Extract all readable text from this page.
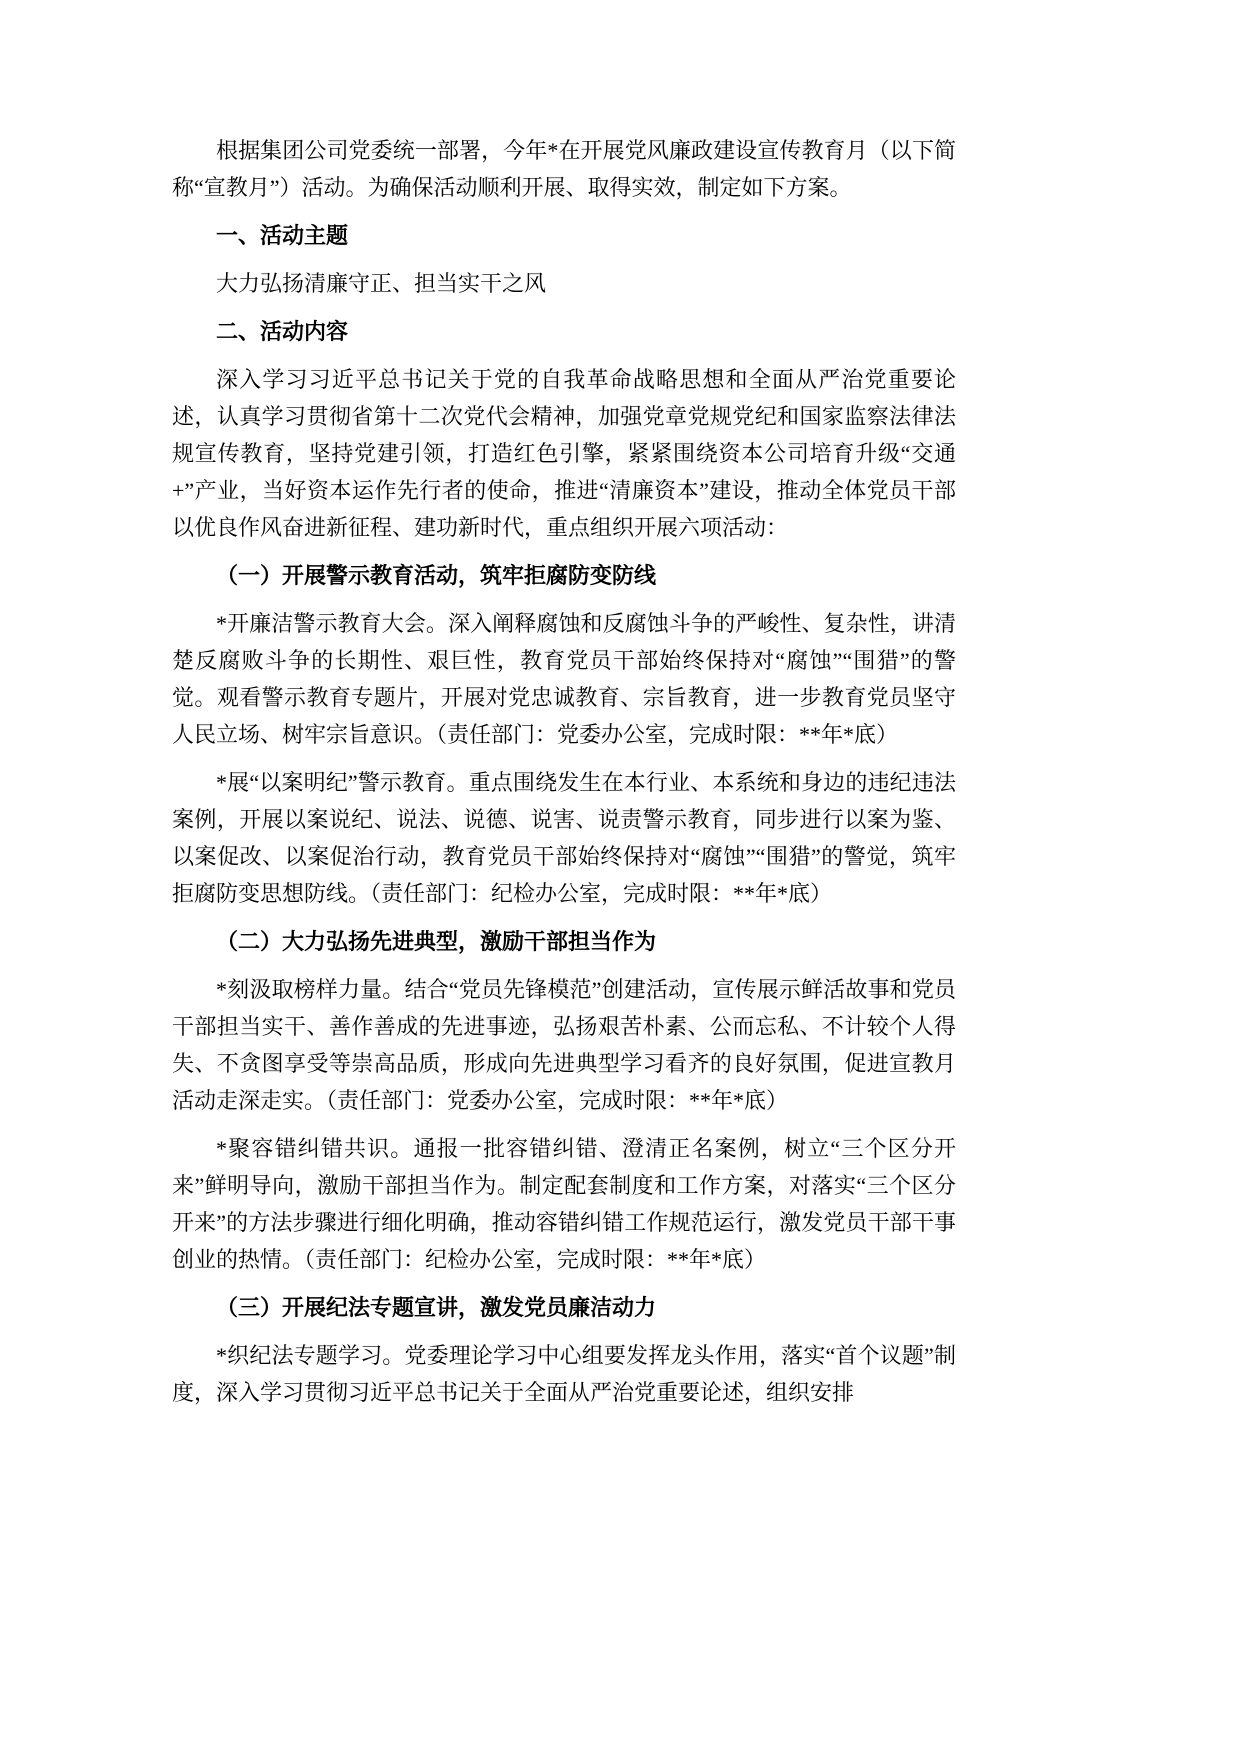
根据集团公司党委统一部署，今年*在开展党风廉政建设宣传教育月（以下简称“宣教月”）活动。为确保活动顺利开展、取得实效，制定如下方案。

一、活动主题

大力弘扬清廉守正、担当实干之风

二、活动内容

深入学习习近平总书记关于党的自我革命战略思想和全面从严治党重要论述，认真学习贯彻省第十二次党代会精神，加强党章党规党纪和国家监察法律法规宣传教育，坚持党建引领，打造红色引擎，紧紧围绕资本公司培育升级“交通+”产业，当好资本运作先行者的使命，推进“清廉资本”建设，推动全体党员干部以优良作风奋进新征程、建功新时代，重点组织开展六项活动：

（一）开展警示教育活动，筑牢拒腐防变防线

*开廉洁警示教育大会。深入阐释腐蚀和反腐蚀斗争的严峻性、复杂性，讲清楚反腐败斗争的长期性、艰巨性，教育党员干部始终保持对“腐蚀”“围猎”的警觉。观看警示教育专题片，开展对党忠诚教育、宗旨教育，进一步教育党员坚守人民立场、树牢宗旨意识。（责任部门：党委办公室，完成时限：**年*底）

*展“以案明纪”警示教育。重点围绕发生在本行业、本系统和身边的违纪违法案例，开展以案说纪、说法、说德、说害、说责警示教育，同步进行以案为鉴、以案促改、以案促治行动，教育党员干部始终保持对“腐蚀”“围猎”的警觉，筑牢拒腐防变思想防线。（责任部门：纪检办公室，完成时限：**年*底）

（二）大力弘扬先进典型，激励干部担当作为

*刻汲取榜样力量。结合“党员先锋模范”创建活动，宣传展示鲜活故事和党员干部担当实干、善作善成的先进事迹，弘扬艰苦朴素、公而忘私、不计较个人得失、不贪图享受等崇高品质，形成向先进典型学习看齐的良好氛围，促进宣教月活动走深走实。（责任部门：党委办公室，完成时限：**年*底）

*聚容错纠错共识。通报一批容错纠错、澄清正名案例，树立“三个区分开来”鲜明导向，激励干部担当作为。制定配套制度和工作方案，对落实“三个区分开来”的方法步骤进行细化明确，推动容错纠错工作规范运行，激发党员干部干事创业的热情。（责任部门：纪检办公室，完成时限：**年*底）

（三）开展纪法专题宣讲，激发党员廉洁动力

*织纪法专题学习。党委理论学习中心组要发挥龙头作用，落实“首个议题”制度，深入学习贯彻习近平总书记关于全面从严治党重要论述，组织安排
